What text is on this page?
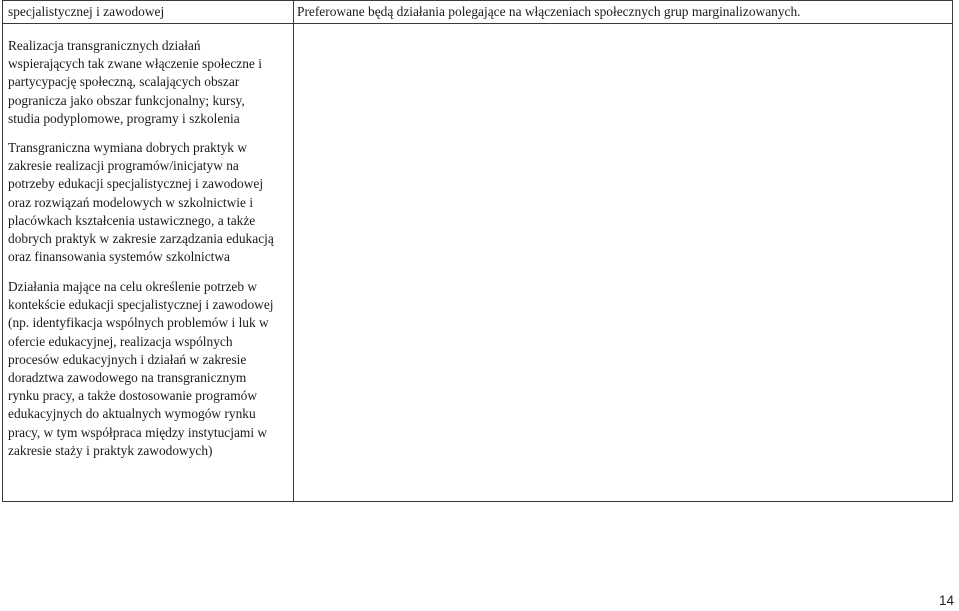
specjalistycznej i zawodowej

Realizacja transgranicznych działań
wspierających tak zwane włączenie społeczne i
partycypację społeczną, scalających obszar
pogranicza jako obszar funkcjonalny; kursy,
studia podyplomowe, programy i szkolenia

Transgraniczna wymiana dobrych praktyk w
zakresie realizacji programów/inicjatyw na
potrzeby edukacji specjalistycznej i zawodowej
oraz rozwiązań modelowych w szkolnictwie i
placówkach kształcenia ustawicznego, a także
dobrych praktyk w zakresie zarządzania edukacją
oraz finansowania systemów szkolnictwa

Działania mające na celu określenie potrzeb w
kontekście edukacji specjalistycznej i zawodowej
(np. identyfikacja wspólnych problemów i luk w
ofercie edukacyjnej, realizacja wspólnych
procesów edukacyjnych i działań w zakresie
doradztwa zawodowego na transgranicznym
rynku pracy, a także dostosowanie programów
edukacyjnych do aktualnych wymogów rynku
pracy, w tym współpraca między instytucjami w
zakresie staży i praktyk zawodowych)

Preferowane będą działania polegające na włączeniach społecznych grup marginalizowanych.

14
